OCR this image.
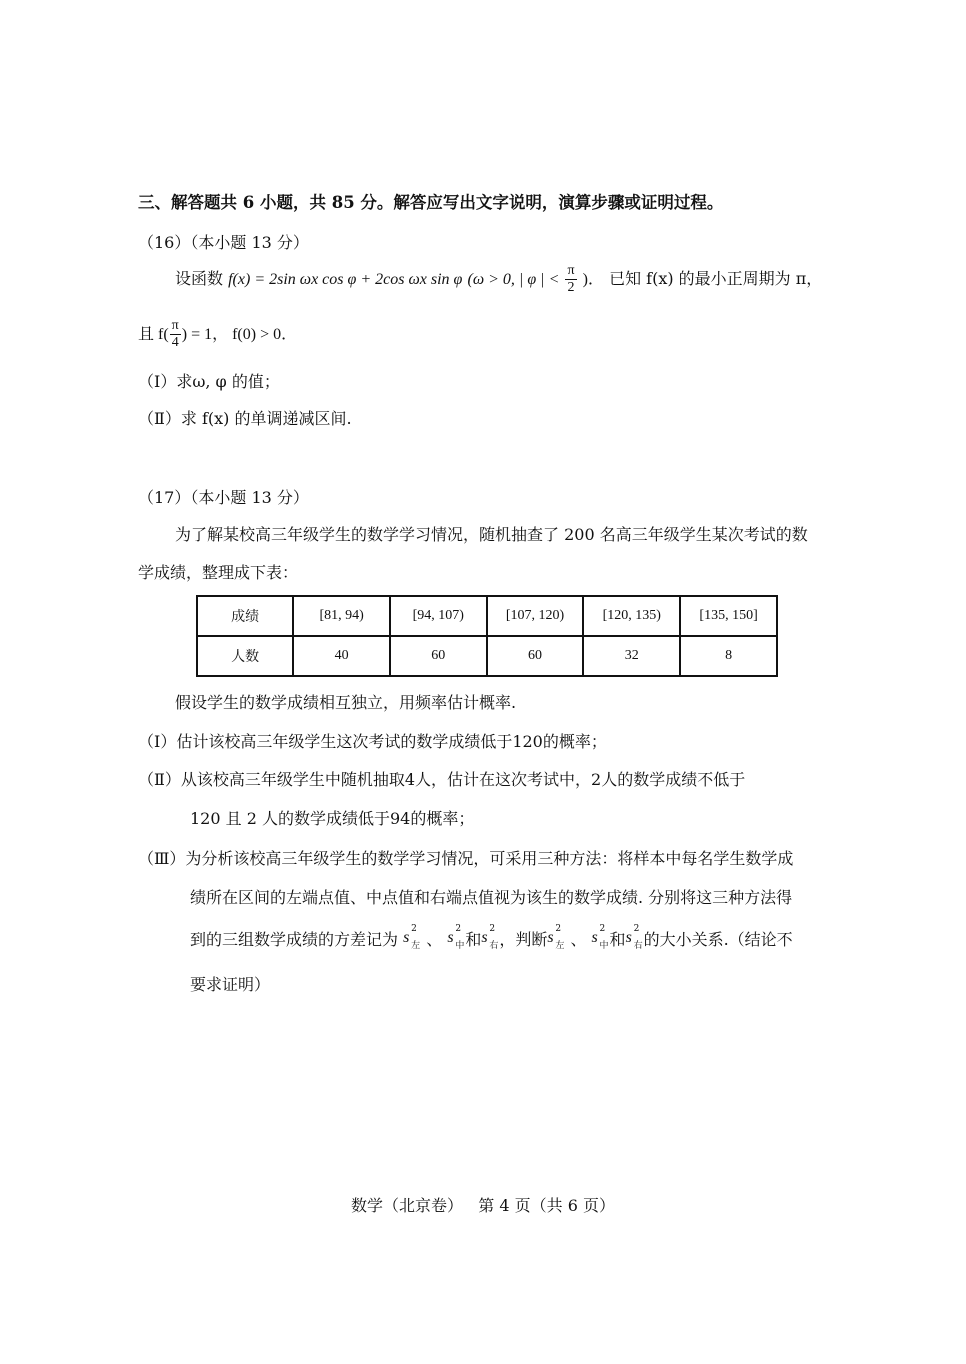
三、解答题共 6 小题，共 85 分。解答应写出文字说明，演算步骤或证明过程。
（16）（本小题 13 分）
设函数 f(x) = 2sin ωx cos φ + 2cos ωx sin φ (ω > 0, | φ | < $\frac{\pi}{2}$ )． 已知 f(x) 的最小正周期为 π，
且 $f( \frac{\pi}{4}$ ) = 1， f(0) > 0．
（Ⅰ）求ω, φ 的值；
（Ⅱ）求 f(x) 的单调递减区间.
（17）（本小题 13 分）
为了解某校高三年级学生的数学学习情况，随机抽查了 200 名高三年级学生某次考试的数
学成绩，整理成下表：
成绩	[81, 94)	[94, 107)	[107, 120)	[120, 135)	[135, 150]
人数	40	60	60	32	8
假设学生的数学成绩相互独立，用频率估计概率.
（Ⅰ）估计该校高三年级学生这次考试的数学成绩低于120的概率；
（Ⅱ）从该校高三年级学生中随机抽取4人，估计在这次考试中，2人的数学成绩不低于
120 且 2 人的数学成绩低于94的概率；
（Ⅲ）为分析该校高三年级学生的数学学习情况，可采用三种方法：将样本中每名学生数学成
绩所在区间的左端点值、中点值和右端点值视为该生的数学成绩. 分别将这三种方法得
到的三组数学成绩的方差记为 s 2
左 、 s 2
中 和 s 2
右 ，判断 s 2
左 、 s 2
中 和 s 2
右 的大小关系.（结论不
要求证明）
数学（北京卷）   第 4 页（共 6 页）
